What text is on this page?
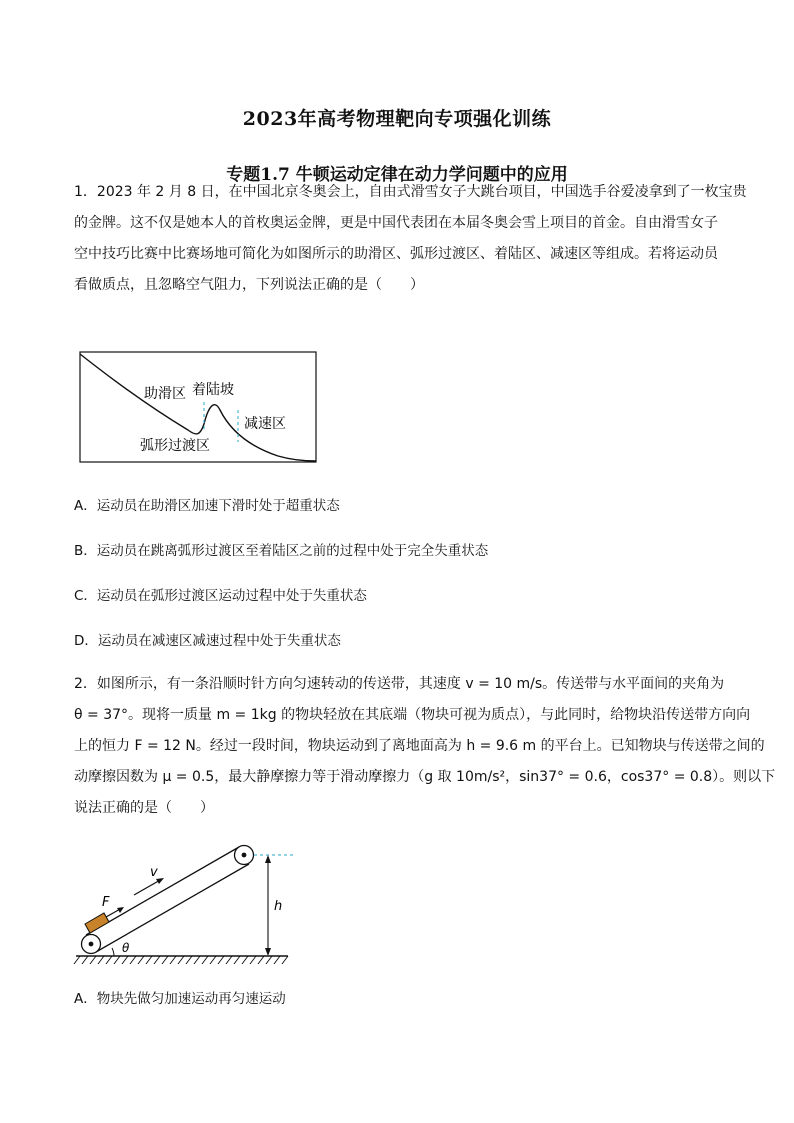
2023年高考物理靶向专项强化训练
专题1.7 牛顿运动定律在动力学问题中的应用

1．2023 年 2 月 8 日，在中国北京冬奥会上，自由式滑雪女子大跳台项目，中国选手谷爱凌拿到了一枚宝贵

的金牌。这不仅是她本人的首枚奥运金牌，更是中国代表团在本届冬奥会雪上项目的首金。自由滑雪女子

空中技巧比赛中比赛场地可简化为如图所示的助滑区、弧形过渡区、着陆区、减速区等组成。若将运动员

看做质点，且忽略空气阻力，下列说法正确的是（　　）

助滑区 着陆坡
减速区
弧形过渡区
A．运动员在助滑区加速下滑时处于超重状态
B．运动员在跳离弧形过渡区至着陆区之前的过程中处于完全失重状态
C．运动员在弧形过渡区运动过程中处于失重状态
D．运动员在减速区减速过程中处于失重状态

2．如图所示，有一条沿顺时针方向匀速转动的传送带，其速度 v = 10 m/s。传送带与水平面间的夹角为

θ = 37°。现将一质量 m = 1kg 的物块轻放在其底端（物块可视为质点），与此同时，给物块沿传送带方向向

上的恒力 F = 12 N。经过一段时间，物块运动到了离地面高为 h = 9.6 m 的平台上。已知物块与传送带之间的

动摩擦因数为 μ = 0.5，最大静摩擦力等于滑动摩擦力（g 取 10m/s²，sin37° = 0.6，cos37° = 0.8）。则以下

说法正确的是（　　）

F
v
θ
h
A．物块先做匀加速运动再匀速运动
